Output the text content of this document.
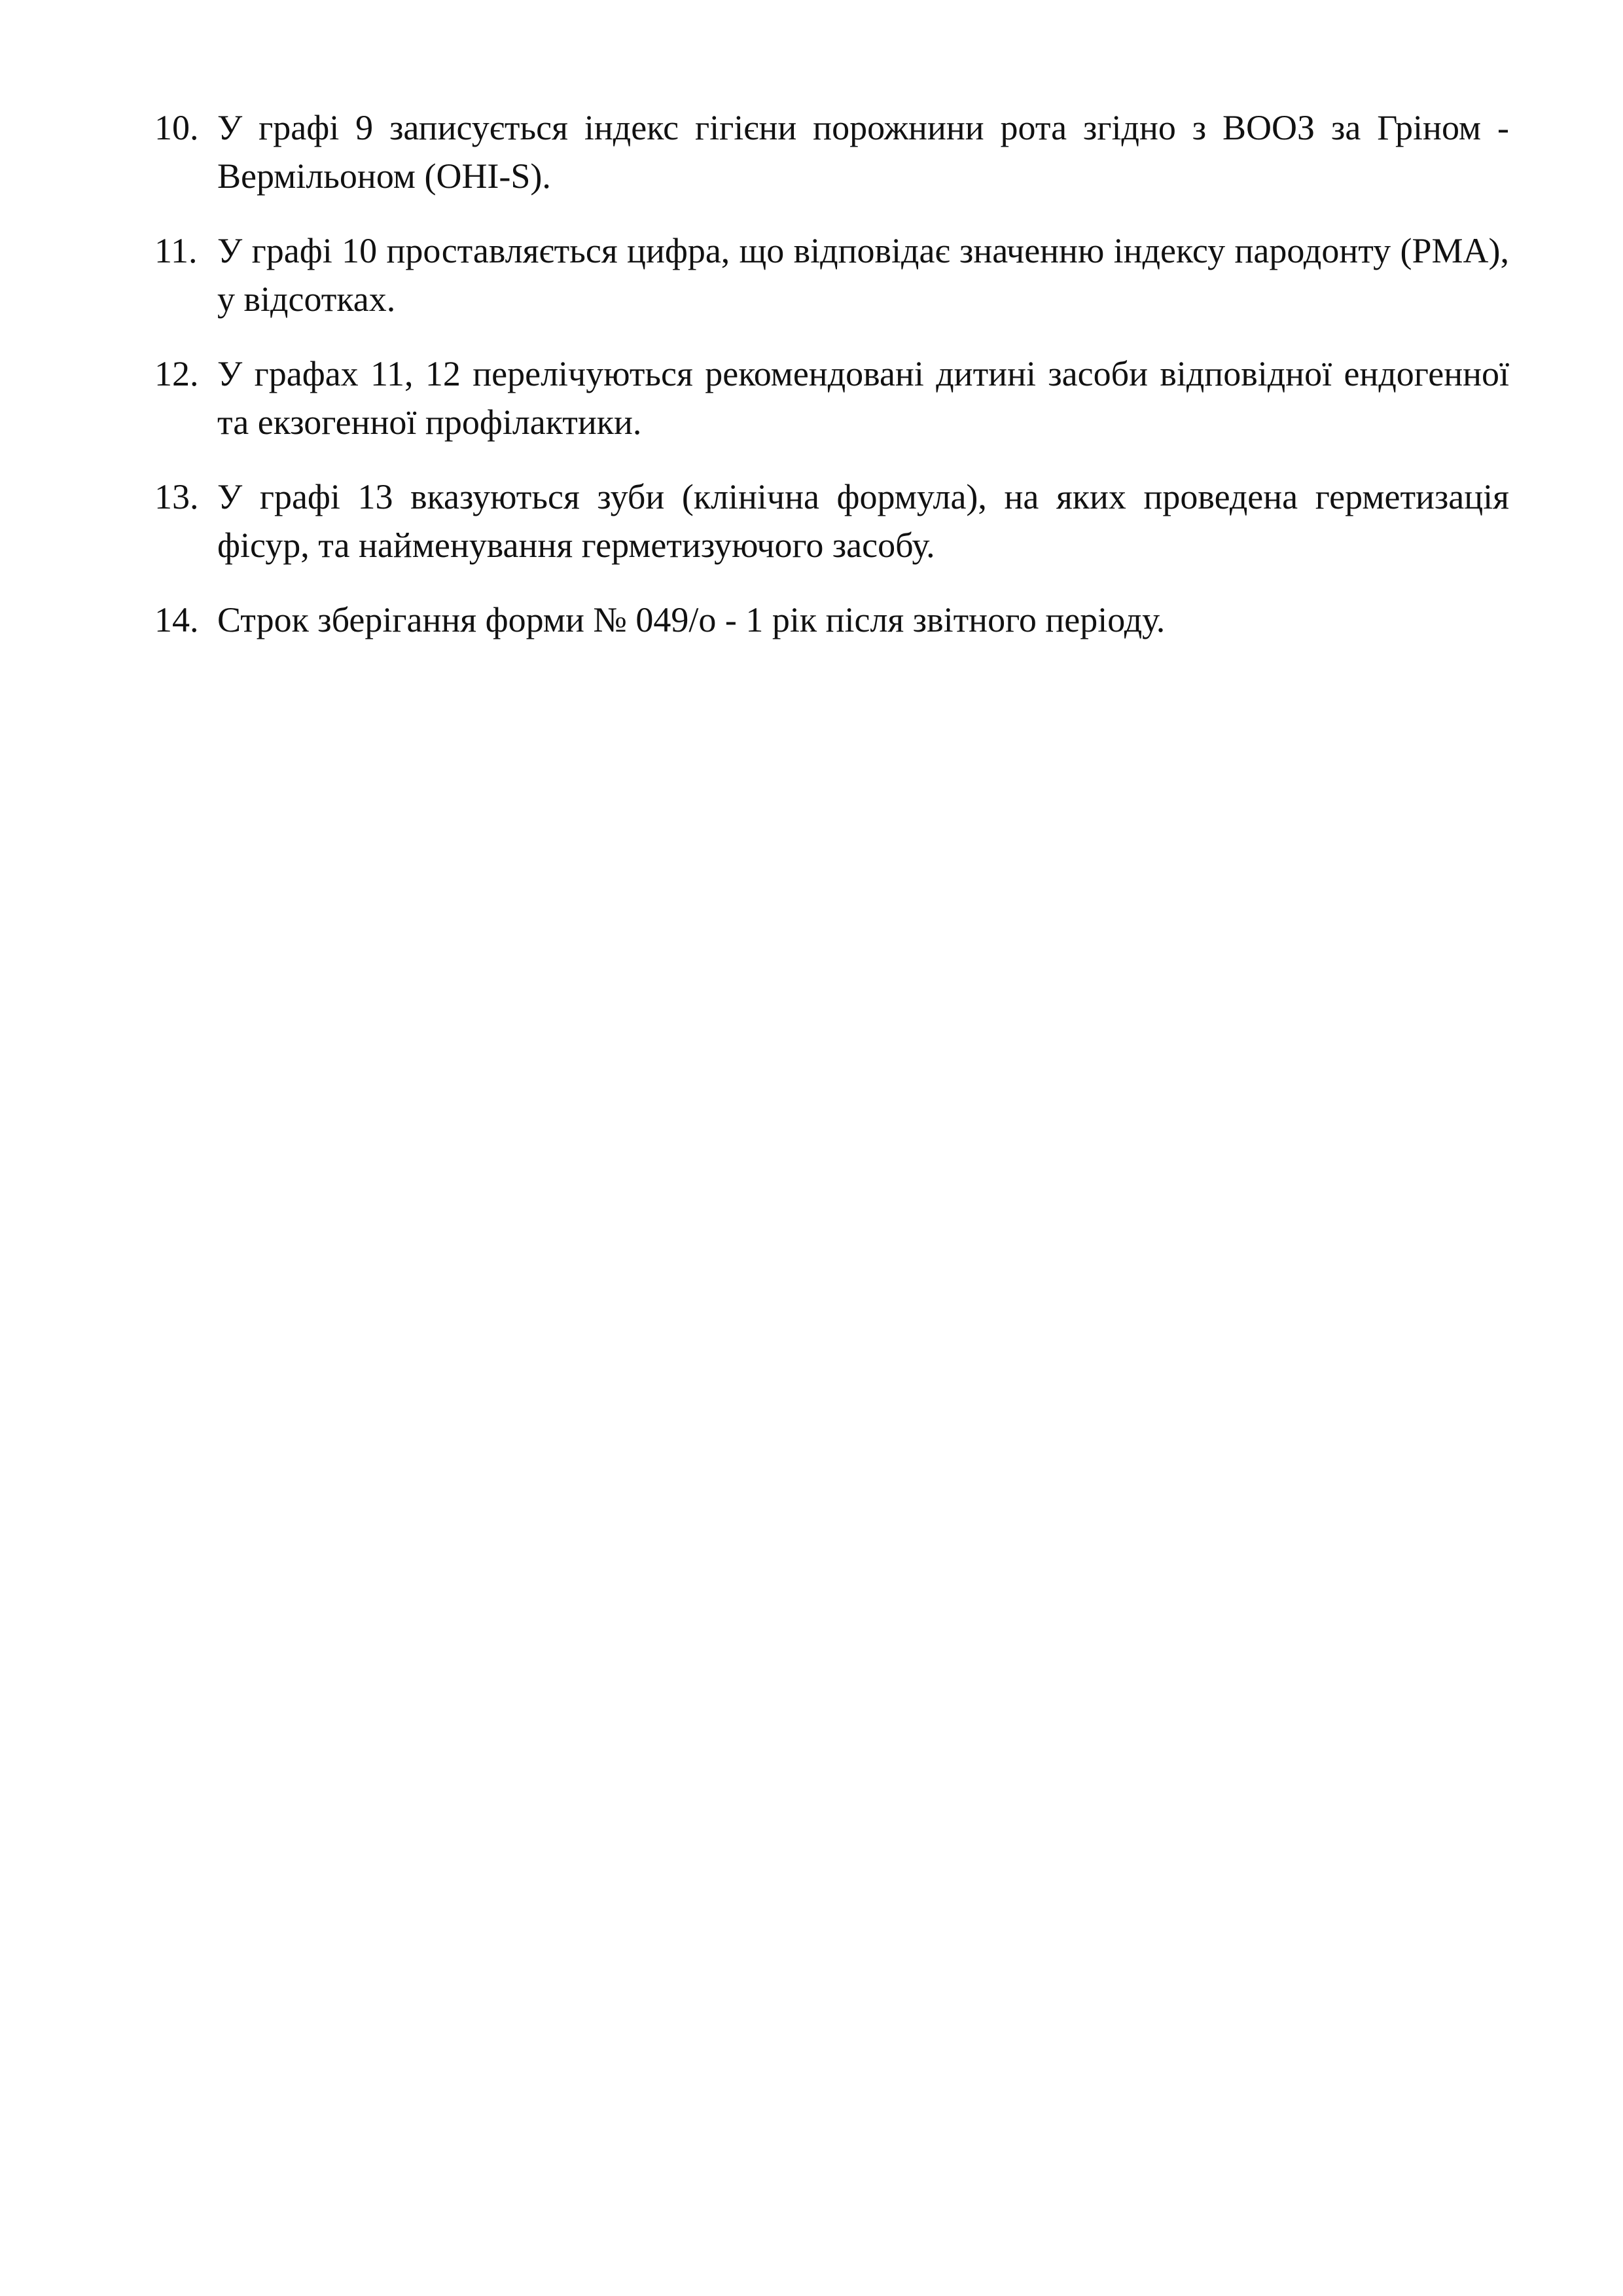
10. У графі 9 записується індекс гігієни порожнини рота згідно з ВООЗ за Гріном - Вермільоном (OHI-S).
11. У графі 10 проставляється цифра, що відповідає значенню індексу пародонту (PMA), у відсотках.
12. У графах 11, 12 перелічуються рекомендовані дитині засоби відповідної ендогенної та екзогенної профілактики.
13. У графі 13 вказуються зуби (клінічна формула), на яких проведена герметизація фісур, та найменування герметизуючого засобу.
14. Строк зберігання форми № 049/о - 1 рік після звітного періоду.
